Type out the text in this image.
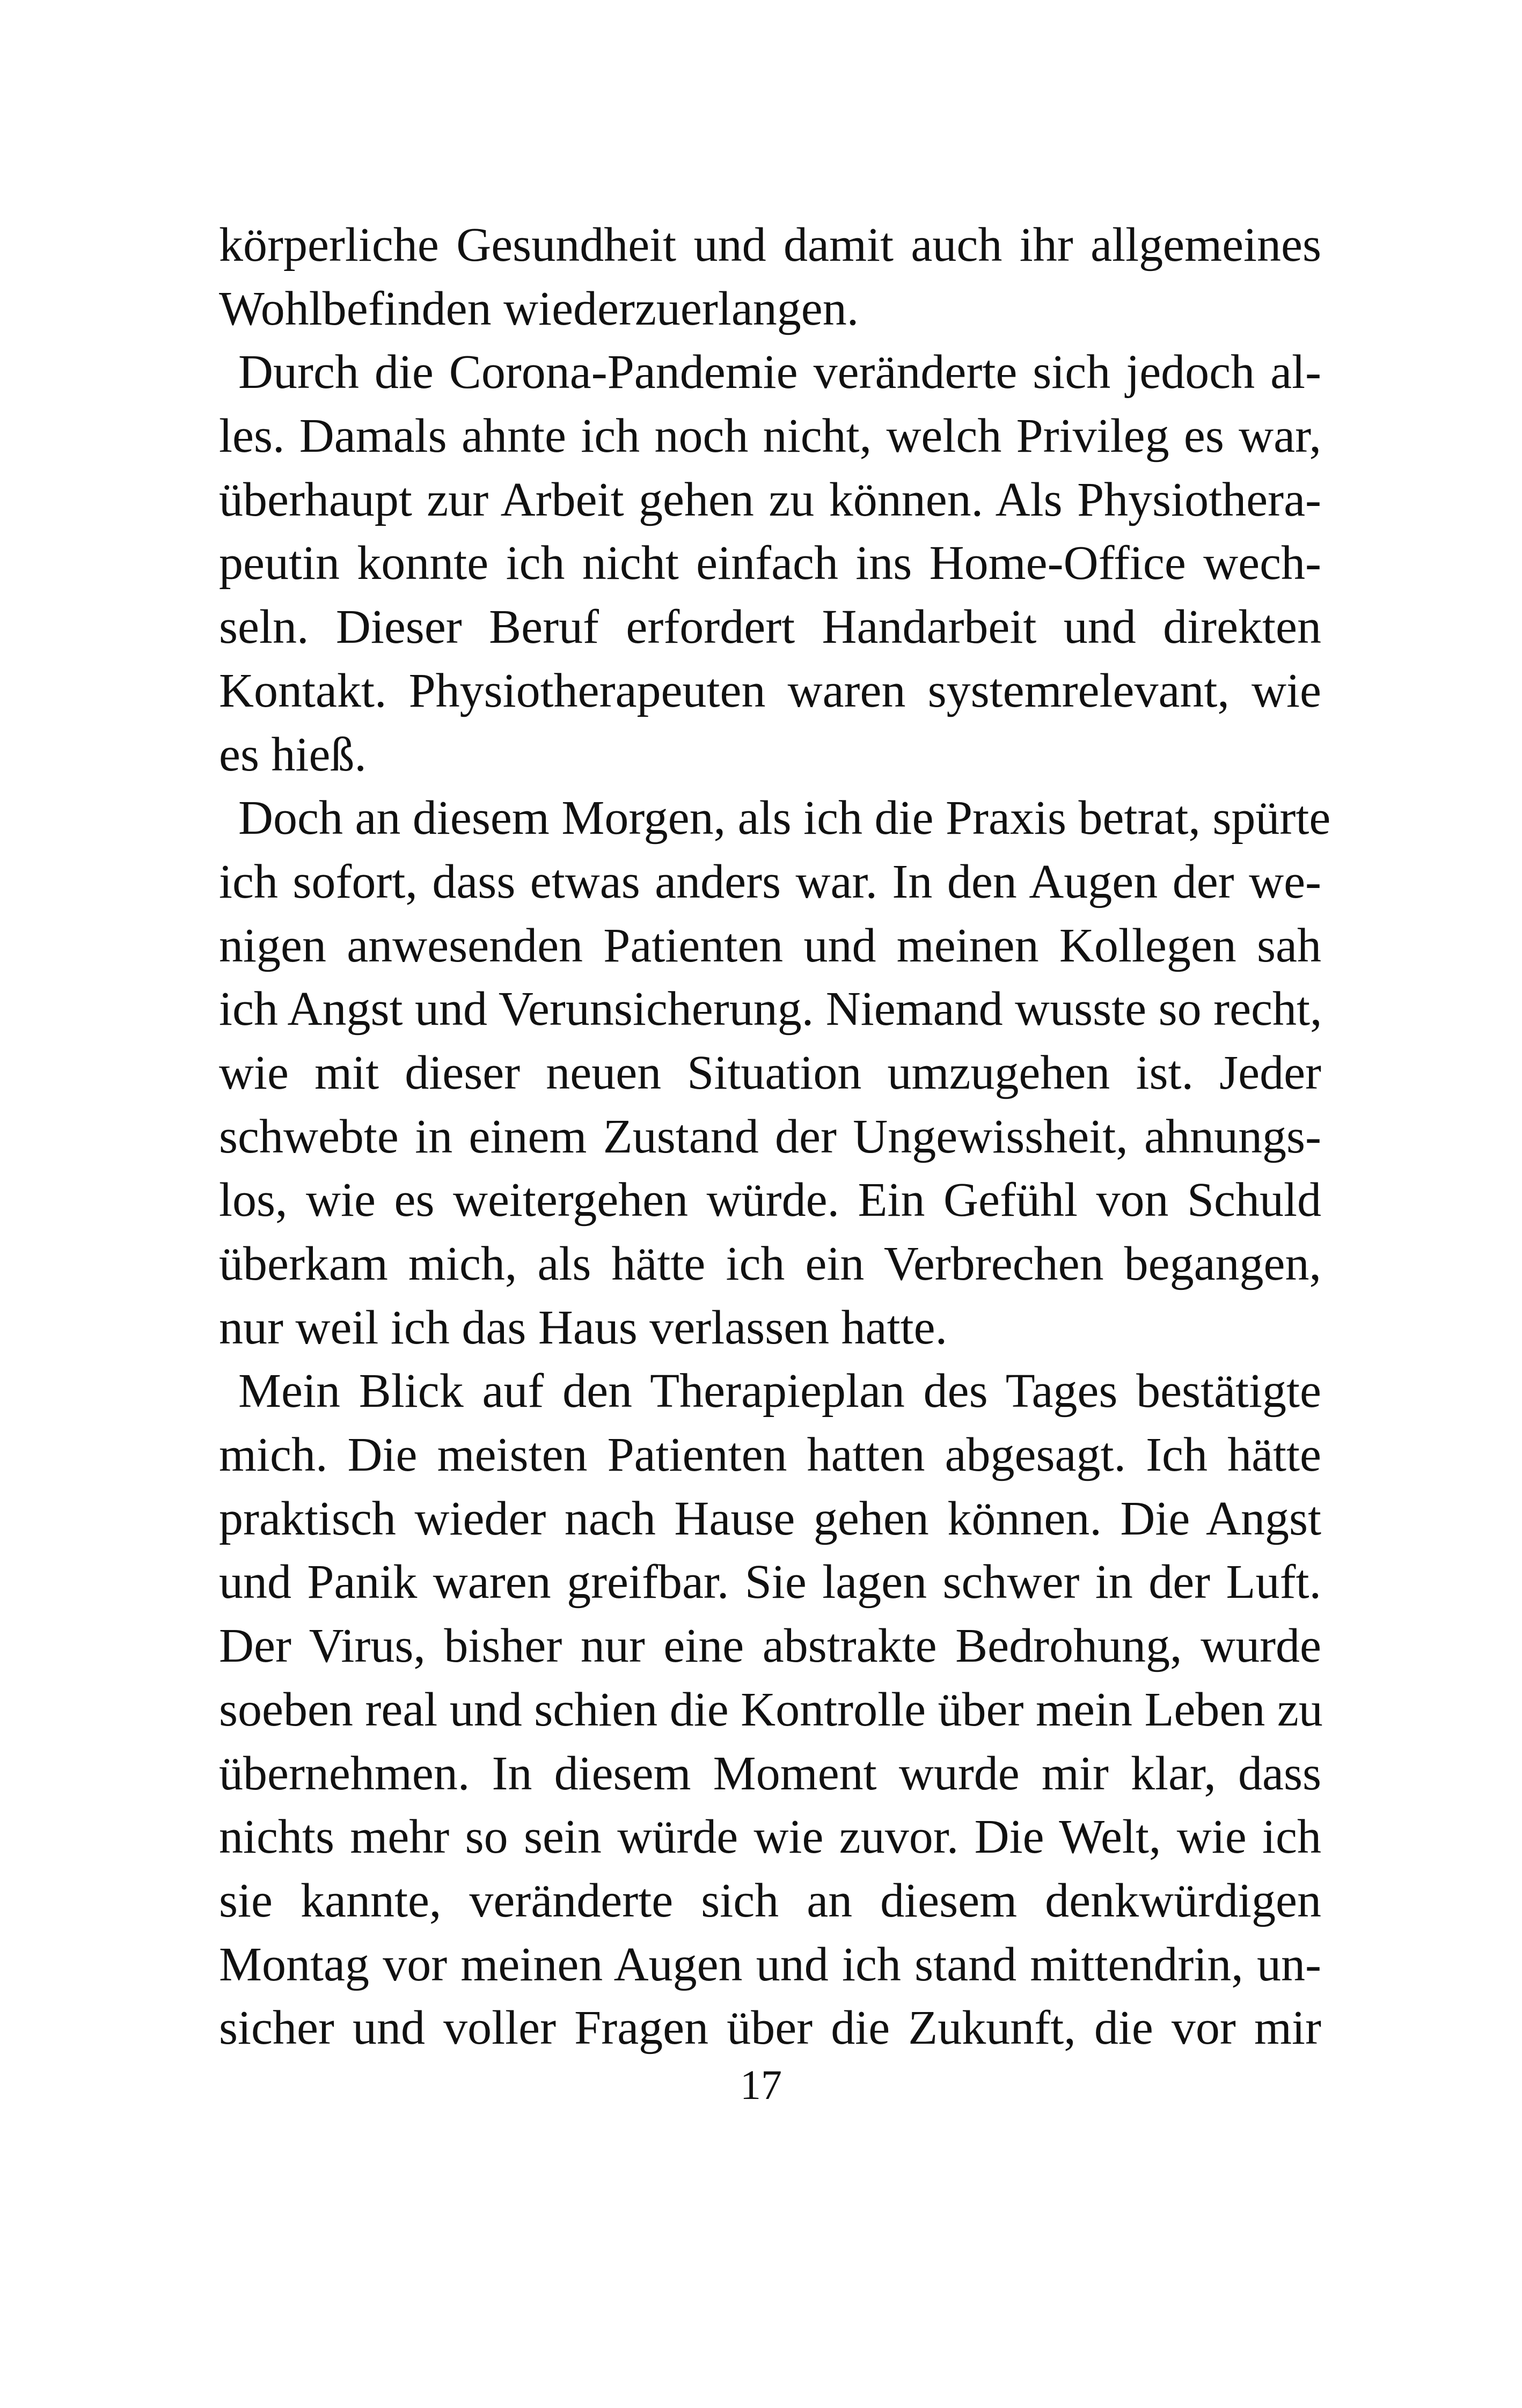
körperliche Gesundheit und damit auch ihr allgemeines
Wohlbefinden wiederzuerlangen.
Durch die Corona-Pandemie veränderte sich jedoch al-
les. Damals ahnte ich noch nicht, welch Privileg es war,
überhaupt zur Arbeit gehen zu können. Als Physiothera-
peutin konnte ich nicht einfach ins Home-Office wech-
seln. Dieser Beruf erfordert Handarbeit und direkten
Kontakt. Physiotherapeuten waren systemrelevant, wie
es hieß.
Doch an diesem Morgen, als ich die Praxis betrat, spürte
ich sofort, dass etwas anders war. In den Augen der we-
nigen anwesenden Patienten und meinen Kollegen sah
ich Angst und Verunsicherung. Niemand wusste so recht,
wie mit dieser neuen Situation umzugehen ist. Jeder
schwebte in einem Zustand der Ungewissheit, ahnungs-
los, wie es weitergehen würde. Ein Gefühl von Schuld
überkam mich, als hätte ich ein Verbrechen begangen,
nur weil ich das Haus verlassen hatte.
Mein Blick auf den Therapieplan des Tages bestätigte
mich. Die meisten Patienten hatten abgesagt. Ich hätte
praktisch wieder nach Hause gehen können. Die Angst
und Panik waren greifbar. Sie lagen schwer in der Luft.
Der Virus, bisher nur eine abstrakte Bedrohung, wurde
soeben real und schien die Kontrolle über mein Leben zu
übernehmen. In diesem Moment wurde mir klar, dass
nichts mehr so sein würde wie zuvor. Die Welt, wie ich
sie kannte, veränderte sich an diesem denkwürdigen
Montag vor meinen Augen und ich stand mittendrin, un-
sicher und voller Fragen über die Zukunft, die vor mir
17
